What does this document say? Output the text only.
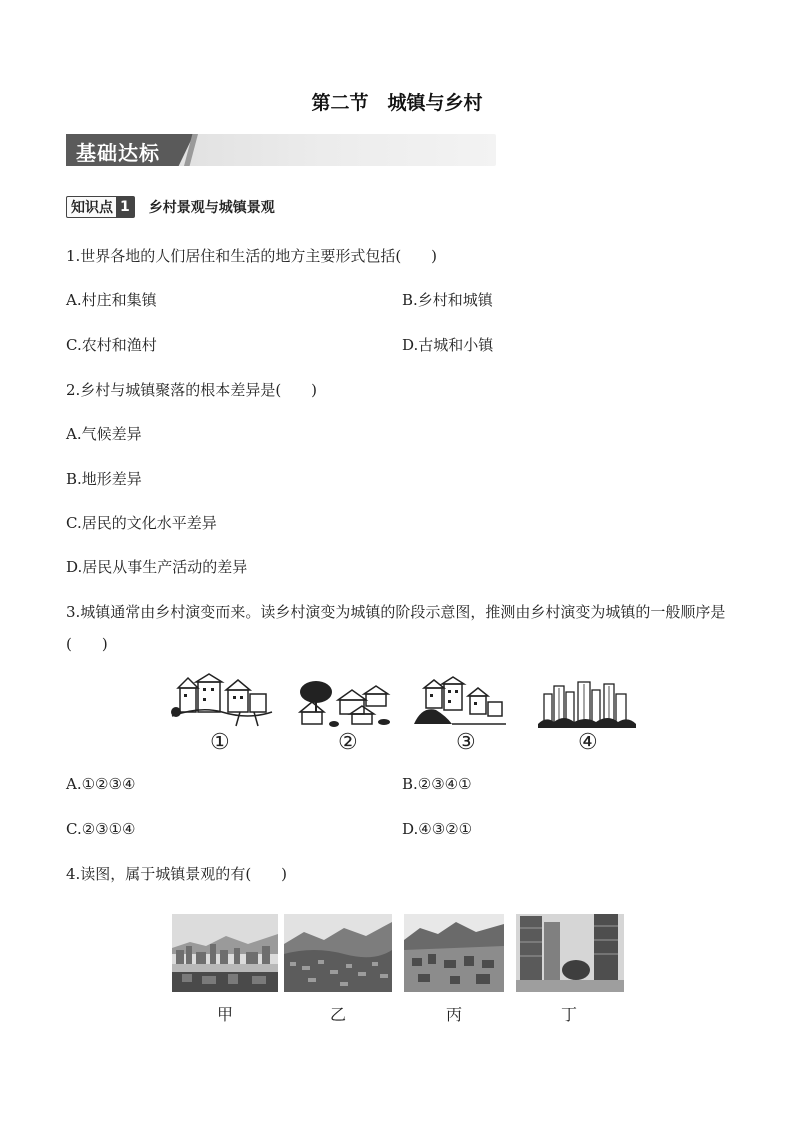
第二节　城镇与乡村
基础达标
知识点 1 乡村景观与城镇景观
1.世界各地的人们居住和生活的地方主要形式包括(　　)
A.村庄和集镇	B.乡村和城镇
C.农村和渔村	D.古城和小镇
2.乡村与城镇聚落的根本差异是(　　)
A.气候差异
B.地形差异
C.居民的文化水平差异
D.居民从事生产活动的差异
3.城镇通常由乡村演变而来。读乡村演变为城镇的阶段示意图，推测由乡村演变为城镇的一般顺序是(　　)
①	②	③	④
A.①②③④	B.②③④①
C.②③①④	D.④③②①
4.读图，属于城镇景观的有(　　)
甲	乙	丙	丁
